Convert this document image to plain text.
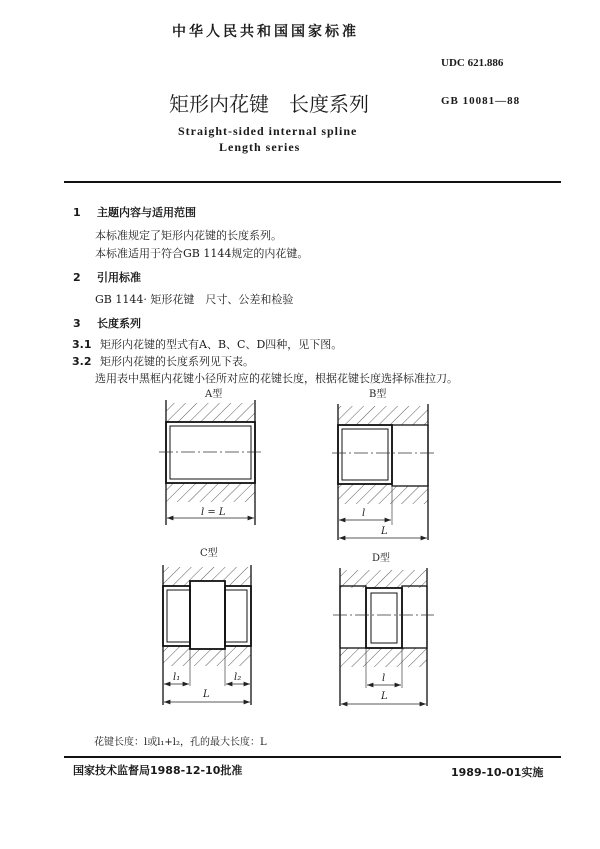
中华人民共和国国家标准
UDC 621.886
矩形内花键　长度系列	GB 10081—88
Straight-sided internal spline
Length series
1 主题内容与适用范围
本标准规定了矩形内花键的长度系列。
本标准适用于符合GB 1144规定的内花键。
2 引用标准
GB 1144· 矩形花键　尺寸、公差和检验
3 长度系列
3.1 矩形内花键的型式有A、B、C、D四种，见下图。
3.2 矩形内花键的长度系列见下表。
选用表中黑框内花键小径所对应的花键长度，根据花键长度选择标准拉刀。
A型
l = L
B型
l
L
C型
l₁	l₂
L
D型
l
L
花键长度：l或l₁+l₂，孔的最大长度：L
国家技术监督局1988-12-10批准	1989-10-01实施
